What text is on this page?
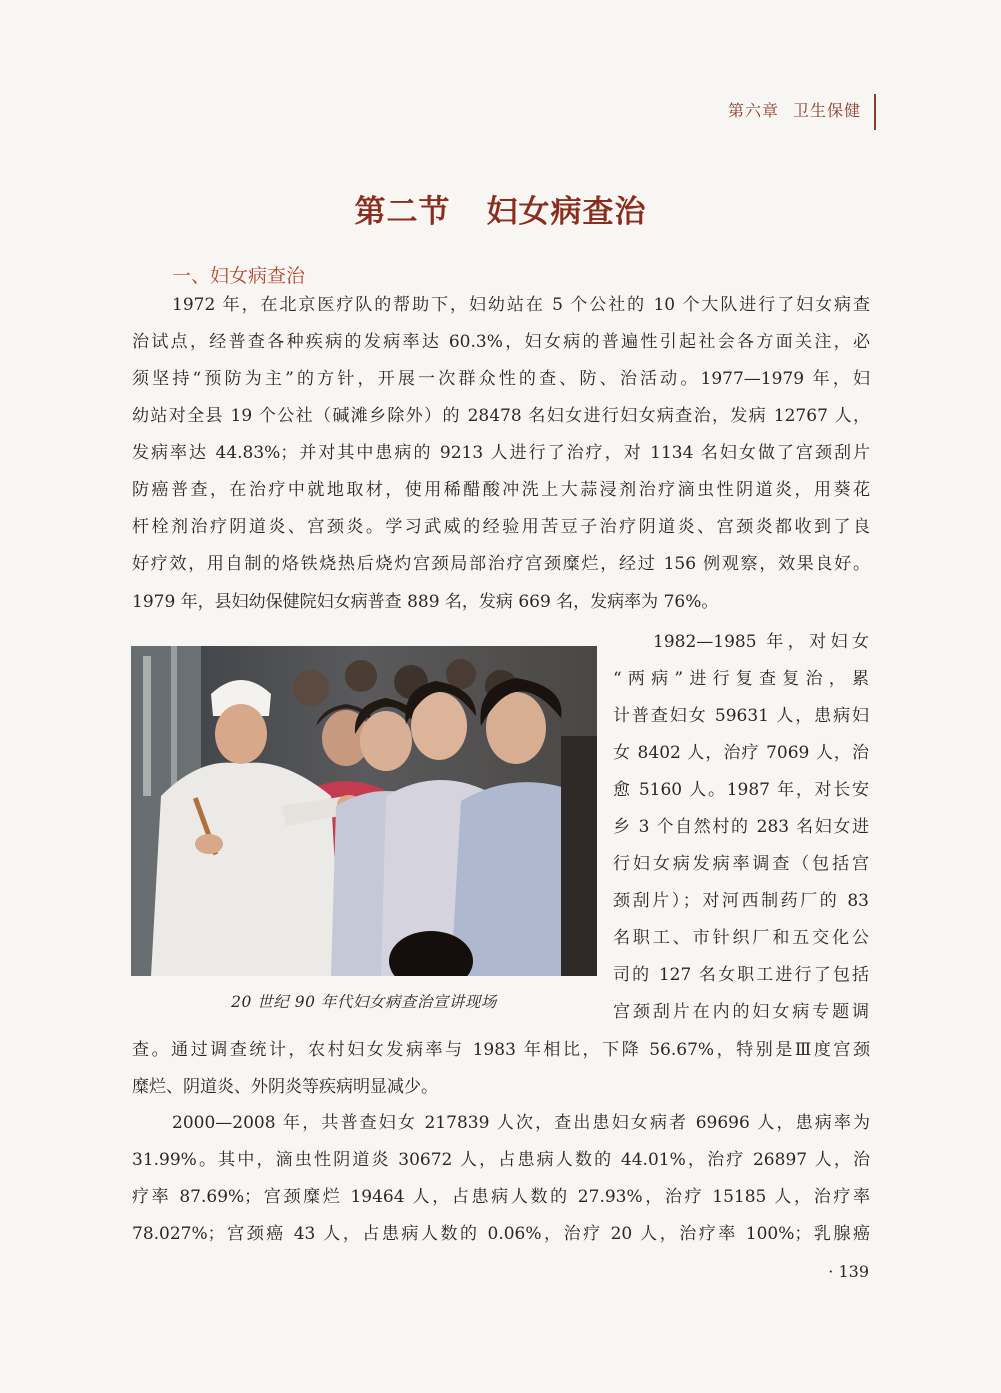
第六章 卫生保健
第二节 妇女病查治
一、妇女病查治
1972 年，在北京医疗队的帮助下，妇幼站在 5 个公社的 10 个大队进行了妇女病查
治试点，经普查各种疾病的发病率达 60.3%，妇女病的普遍性引起社会各方面关注，必
须坚持“预防为主”的方针，开展一次群众性的查、防、治活动。1977—1979 年，妇
幼站对全县 19 个公社（碱滩乡除外）的 28478 名妇女进行妇女病查治，发病 12767 人，
发病率达 44.83%；并对其中患病的 9213 人进行了治疗，对 1134 名妇女做了宫颈刮片
防癌普查，在治疗中就地取材，使用稀醋酸冲洗上大蒜浸剂治疗滴虫性阴道炎，用葵花
杆栓剂治疗阴道炎、宫颈炎。学习武威的经验用苦豆子治疗阴道炎、宫颈炎都收到了良
好疗效，用自制的烙铁烧热后烧灼宫颈局部治疗宫颈糜烂，经过 156 例观察，效果良好。
1979 年，县妇幼保健院妇女病普查 889 名，发病 669 名，发病率为 76%。
20 世纪 90 年代妇女病查治宣讲现场
1982—1985 年，对妇女
“两病”进行复查复治，累
计普查妇女 59631 人，患病妇
女 8402 人，治疗 7069 人，治
愈 5160 人。1987 年，对长安
乡 3 个自然村的 283 名妇女进
行妇女病发病率调查（包括宫
颈刮片）；对河西制药厂的 83
名职工、市针织厂和五交化公
司的 127 名女职工进行了包括
宫颈刮片在内的妇女病专题调
查。通过调查统计，农村妇女发病率与 1983 年相比，下降 56.67%，特别是Ⅲ度宫颈
糜烂、阴道炎、外阴炎等疾病明显减少。
2000—2008 年，共普查妇女 217839 人次，查出患妇女病者 69696 人，患病率为
31.99%。其中，滴虫性阴道炎 30672 人，占患病人数的 44.01%，治疗 26897 人，治
疗率 87.69%；宫颈糜烂 19464 人，占患病人数的 27.93%，治疗 15185 人，治疗率
78.027%；宫颈癌 43 人，占患病人数的 0.06%，治疗 20 人，治疗率 100%；乳腺癌
· 139
